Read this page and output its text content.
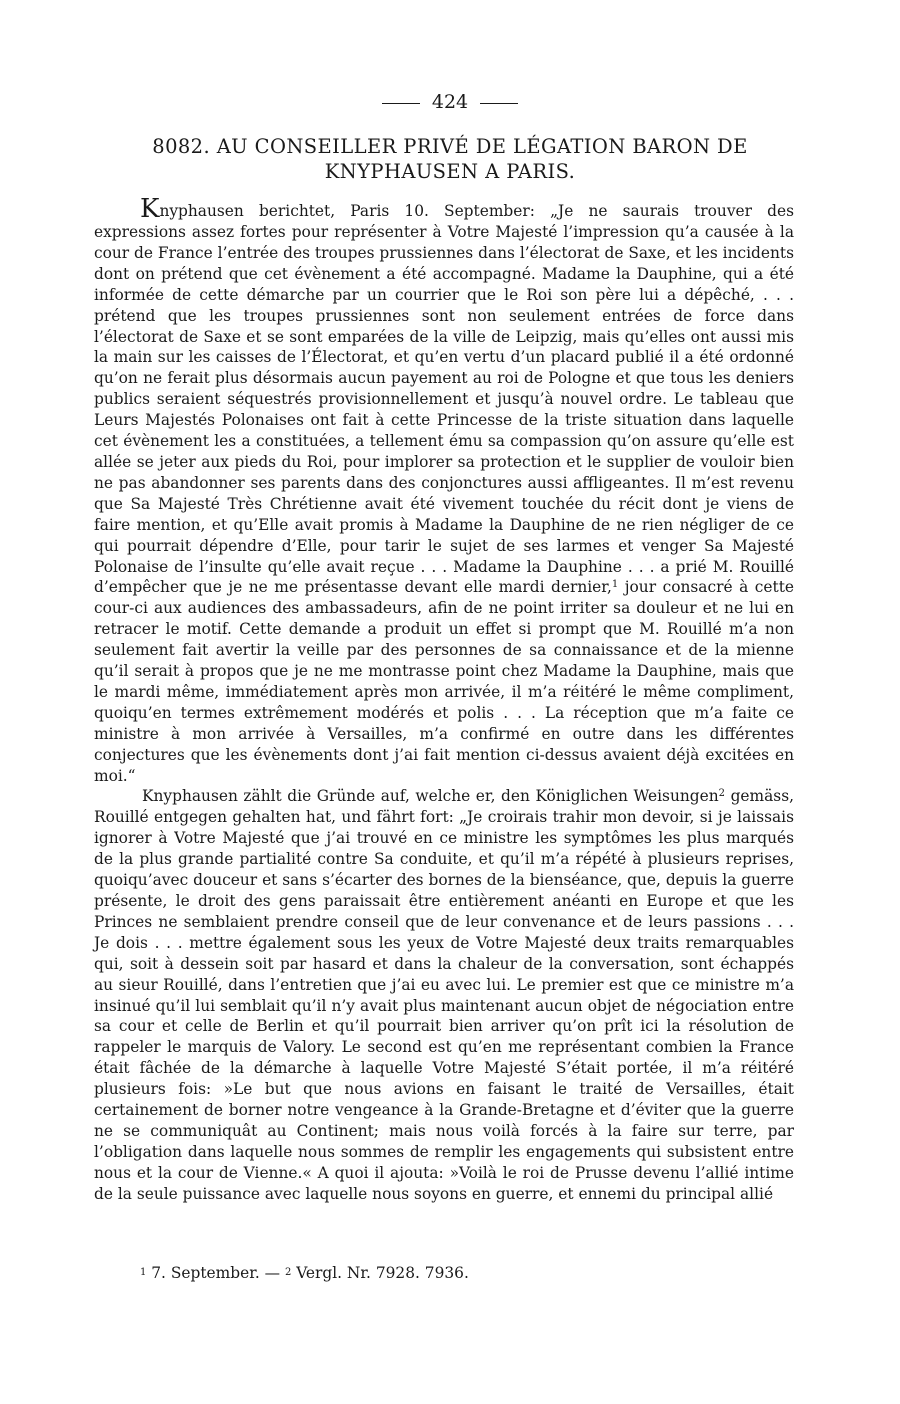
424
8082. AU CONSEILLER PRIVÉ DE LÉGATION BARON DE
KNYPHAUSEN A PARIS.

Knyphausen berichtet, Paris 10. September: „Je ne saurais trouver des expressions assez fortes pour représenter à Votre Majesté l’impression qu’a causée à la cour de France l’entrée des troupes prussiennes dans l’électorat de Saxe, et les incidents dont on prétend que cet évènement a été accompagné. Madame la Dauphine, qui a été informée de cette démarche par un courrier que le Roi son père lui a dépêché, . . . prétend que les troupes prussiennes sont non seulement entrées de force dans l’électorat de Saxe et se sont emparées de la ville de Leipzig, mais qu’elles ont aussi mis la main sur les caisses de l’Électorat, et qu’en vertu d’un placard publié il a été ordonné qu’on ne ferait plus désormais aucun payement au roi de Pologne et que tous les deniers publics seraient séquestrés provisionnellement et jusqu’à nouvel ordre. Le tableau que Leurs Majestés Polonaises ont fait à cette Princesse de la triste situation dans laquelle cet évènement les a constituées, a tellement ému sa compassion qu’on assure qu’elle est allée se jeter aux pieds du Roi, pour implorer sa protection et le supplier de vouloir bien ne pas abandonner ses parents dans des conjonctures aussi affligeantes. Il m’est revenu que Sa Majesté Très Chrétienne avait été vivement touchée du récit dont je viens de faire mention, et qu’Elle avait promis à Madame la Dauphine de ne rien négliger de ce qui pourrait dépendre d’Elle, pour tarir le sujet de ses larmes et venger Sa Majesté Polonaise de l’insulte qu’elle avait reçue . . . Madame la Dauphine . . . a prié M. Rouillé d’empêcher que je ne me présentasse devant elle mardi dernier,$^1$ jour consacré à cette cour-ci aux audiences des ambassadeurs, afin de ne point irriter sa douleur et ne lui en retracer le motif. Cette demande a produit un effet si prompt que M. Rouillé m’a non seulement fait avertir la veille par des personnes de sa connaissance et de la mienne qu’il serait à propos que je ne me montrasse point chez Madame la Dauphine, mais que le mardi même, immédiatement après mon arrivée, il m’a réitéré le même compliment, quoiqu’en termes extrêmement modérés et polis . . . La réception que m’a faite ce ministre à mon arrivée à Versailles, m’a confirmé en outre dans les différentes conjectures que les évènements dont j’ai fait mention ci-dessus avaient déjà excitées en moi.“

Knyphausen zählt die Gründe auf, welche er, den Königlichen Weisungen$^2$ gemäss, Rouillé entgegen gehalten hat, und fährt fort: „Je croirais trahir mon devoir, si je laissais ignorer à Votre Majesté que j’ai trouvé en ce ministre les symptômes les plus marqués de la plus grande partialité contre Sa conduite, et qu’il m’a répété à plusieurs reprises, quoiqu’avec douceur et sans s’écarter des bornes de la bienséance, que, depuis la guerre présente, le droit des gens paraissait être entièrement anéanti en Europe et que les Princes ne semblaient prendre conseil que de leur convenance et de leurs passions . . . Je dois . . . mettre également sous les yeux de Votre Majesté deux traits remarquables qui, soit à dessein soit par hasard et dans la chaleur de la conversation, sont échappés au sieur Rouillé, dans l’entretien que j’ai eu avec lui. Le premier est que ce ministre m’a insinué qu’il lui semblait qu’il n’y avait plus maintenant aucun objet de négociation entre sa cour et celle de Berlin et qu’il pourrait bien arriver qu’on prît ici la résolution de rappeler le marquis de Valory. Le second est qu’en me représentant combien la France était fâchée de la démarche à laquelle Votre Majesté S’était portée, il m’a réitéré plusieurs fois: »Le but que nous avions en faisant le traité de Versailles, était certainement de borner notre vengeance à la Grande-Bretagne et d’éviter que la guerre ne se communiquât au Continent; mais nous voilà forcés à la faire sur terre, par l’obligation dans laquelle nous sommes de remplir les engagements qui subsistent entre nous et la cour de Vienne.« A quoi il ajouta: »Voilà le roi de Prusse devenu l’allié intime de la seule puissance avec laquelle nous soyons en guerre, et ennemi du principal allié

$^1$ 7. September. — $^2$ Vergl. Nr. 7928. 7936.
